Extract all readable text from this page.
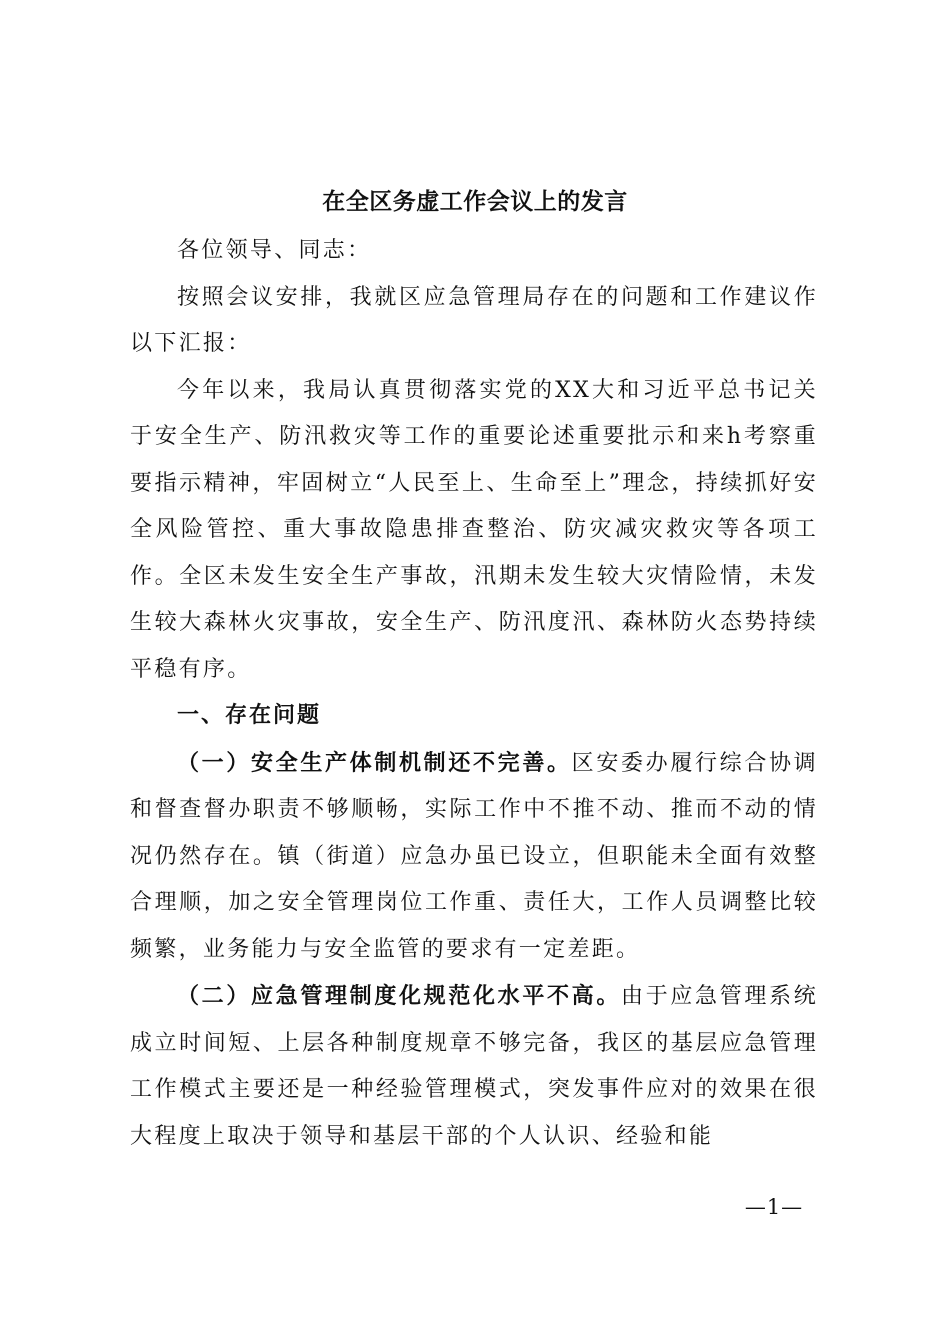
在全区务虚工作会议上的发言

各位领导、同志：

按照会议安排，我就区应急管理局存在的问题和工作建议作以下汇报：

今年以来，我局认真贯彻落实党的XX大和习近平总书记关于安全生产、防汛救灾等工作的重要论述重要批示和来h考察重要指示精神，牢固树立“人民至上、生命至上”理念，持续抓好安全风险管控、重大事故隐患排查整治、防灾减灾救灾等各项工作。全区未发生安全生产事故，汛期未发生较大灾情险情，未发生较大森林火灾事故，安全生产、防汛度汛、森林防火态势持续平稳有序。

一、存在问题

（一）安全生产体制机制还不完善。区安委办履行综合协调和督查督办职责不够顺畅，实际工作中不推不动、推而不动的情况仍然存在。镇（街道）应急办虽已设立，但职能未全面有效整合理顺，加之安全管理岗位工作重、责任大，工作人员调整比较频繁，业务能力与安全监管的要求有一定差距。

（二）应急管理制度化规范化水平不高。由于应急管理系统成立时间短、上层各种制度规章不够完备，我区的基层应急管理工作模式主要还是一种经验管理模式，突发事件应对的效果在很大程度上取决于领导和基层干部的个人认识、经验和能

—1—
